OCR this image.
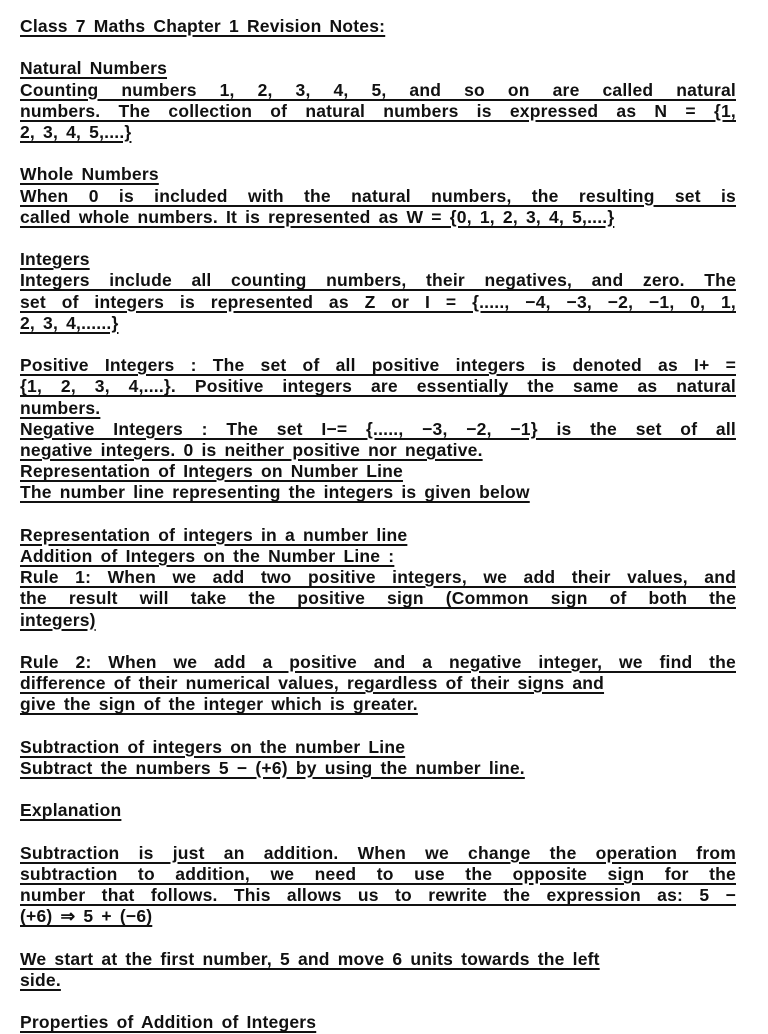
Class 7 Maths Chapter 1 Revision Notes:
Natural Numbers
Counting numbers 1, 2, 3, 4, 5, and so on are called natural
numbers. The collection of natural numbers is expressed as N = {1,
2, 3, 4, 5,....}
Whole Numbers
When 0 is included with the natural numbers, the resulting set is
called whole numbers. It is represented as W = {0, 1, 2, 3, 4, 5,....}
Integers
Integers include all counting numbers, their negatives, and zero. The
set of integers is represented as Z or I = {....., −4, −3, −2, −1, 0, 1,
2, 3, 4,......}
Positive Integers : The set of all positive integers is denoted as I+ =
{1, 2, 3, 4,....}. Positive integers are essentially the same as natural
numbers.
Negative Integers : The set I−= {....., −3, −2, −1} is the set of all
negative integers. 0 is neither positive nor negative.
Representation of Integers on Number Line
The number line representing the integers is given below
Representation of integers in a number line
Addition of Integers on the Number Line :
Rule 1: When we add two positive integers, we add their values, and
the result will take the positive sign (Common sign of both the
integers)
Rule 2: When we add a positive and a negative integer, we find the
difference of their numerical values, regardless of their signs and
give the sign of the integer which is greater.
Subtraction of integers on the number Line
Subtract the numbers 5 − (+6) by using the number line.
Explanation
Subtraction is just an addition. When we change the operation from
subtraction to addition, we need to use the opposite sign for the
number that follows. This allows us to rewrite the expression as: 5 −
(+6) ⇒ 5 + (−6)
We start at the first number, 5 and move 6 units towards the left
side.
Properties of Addition of Integers
